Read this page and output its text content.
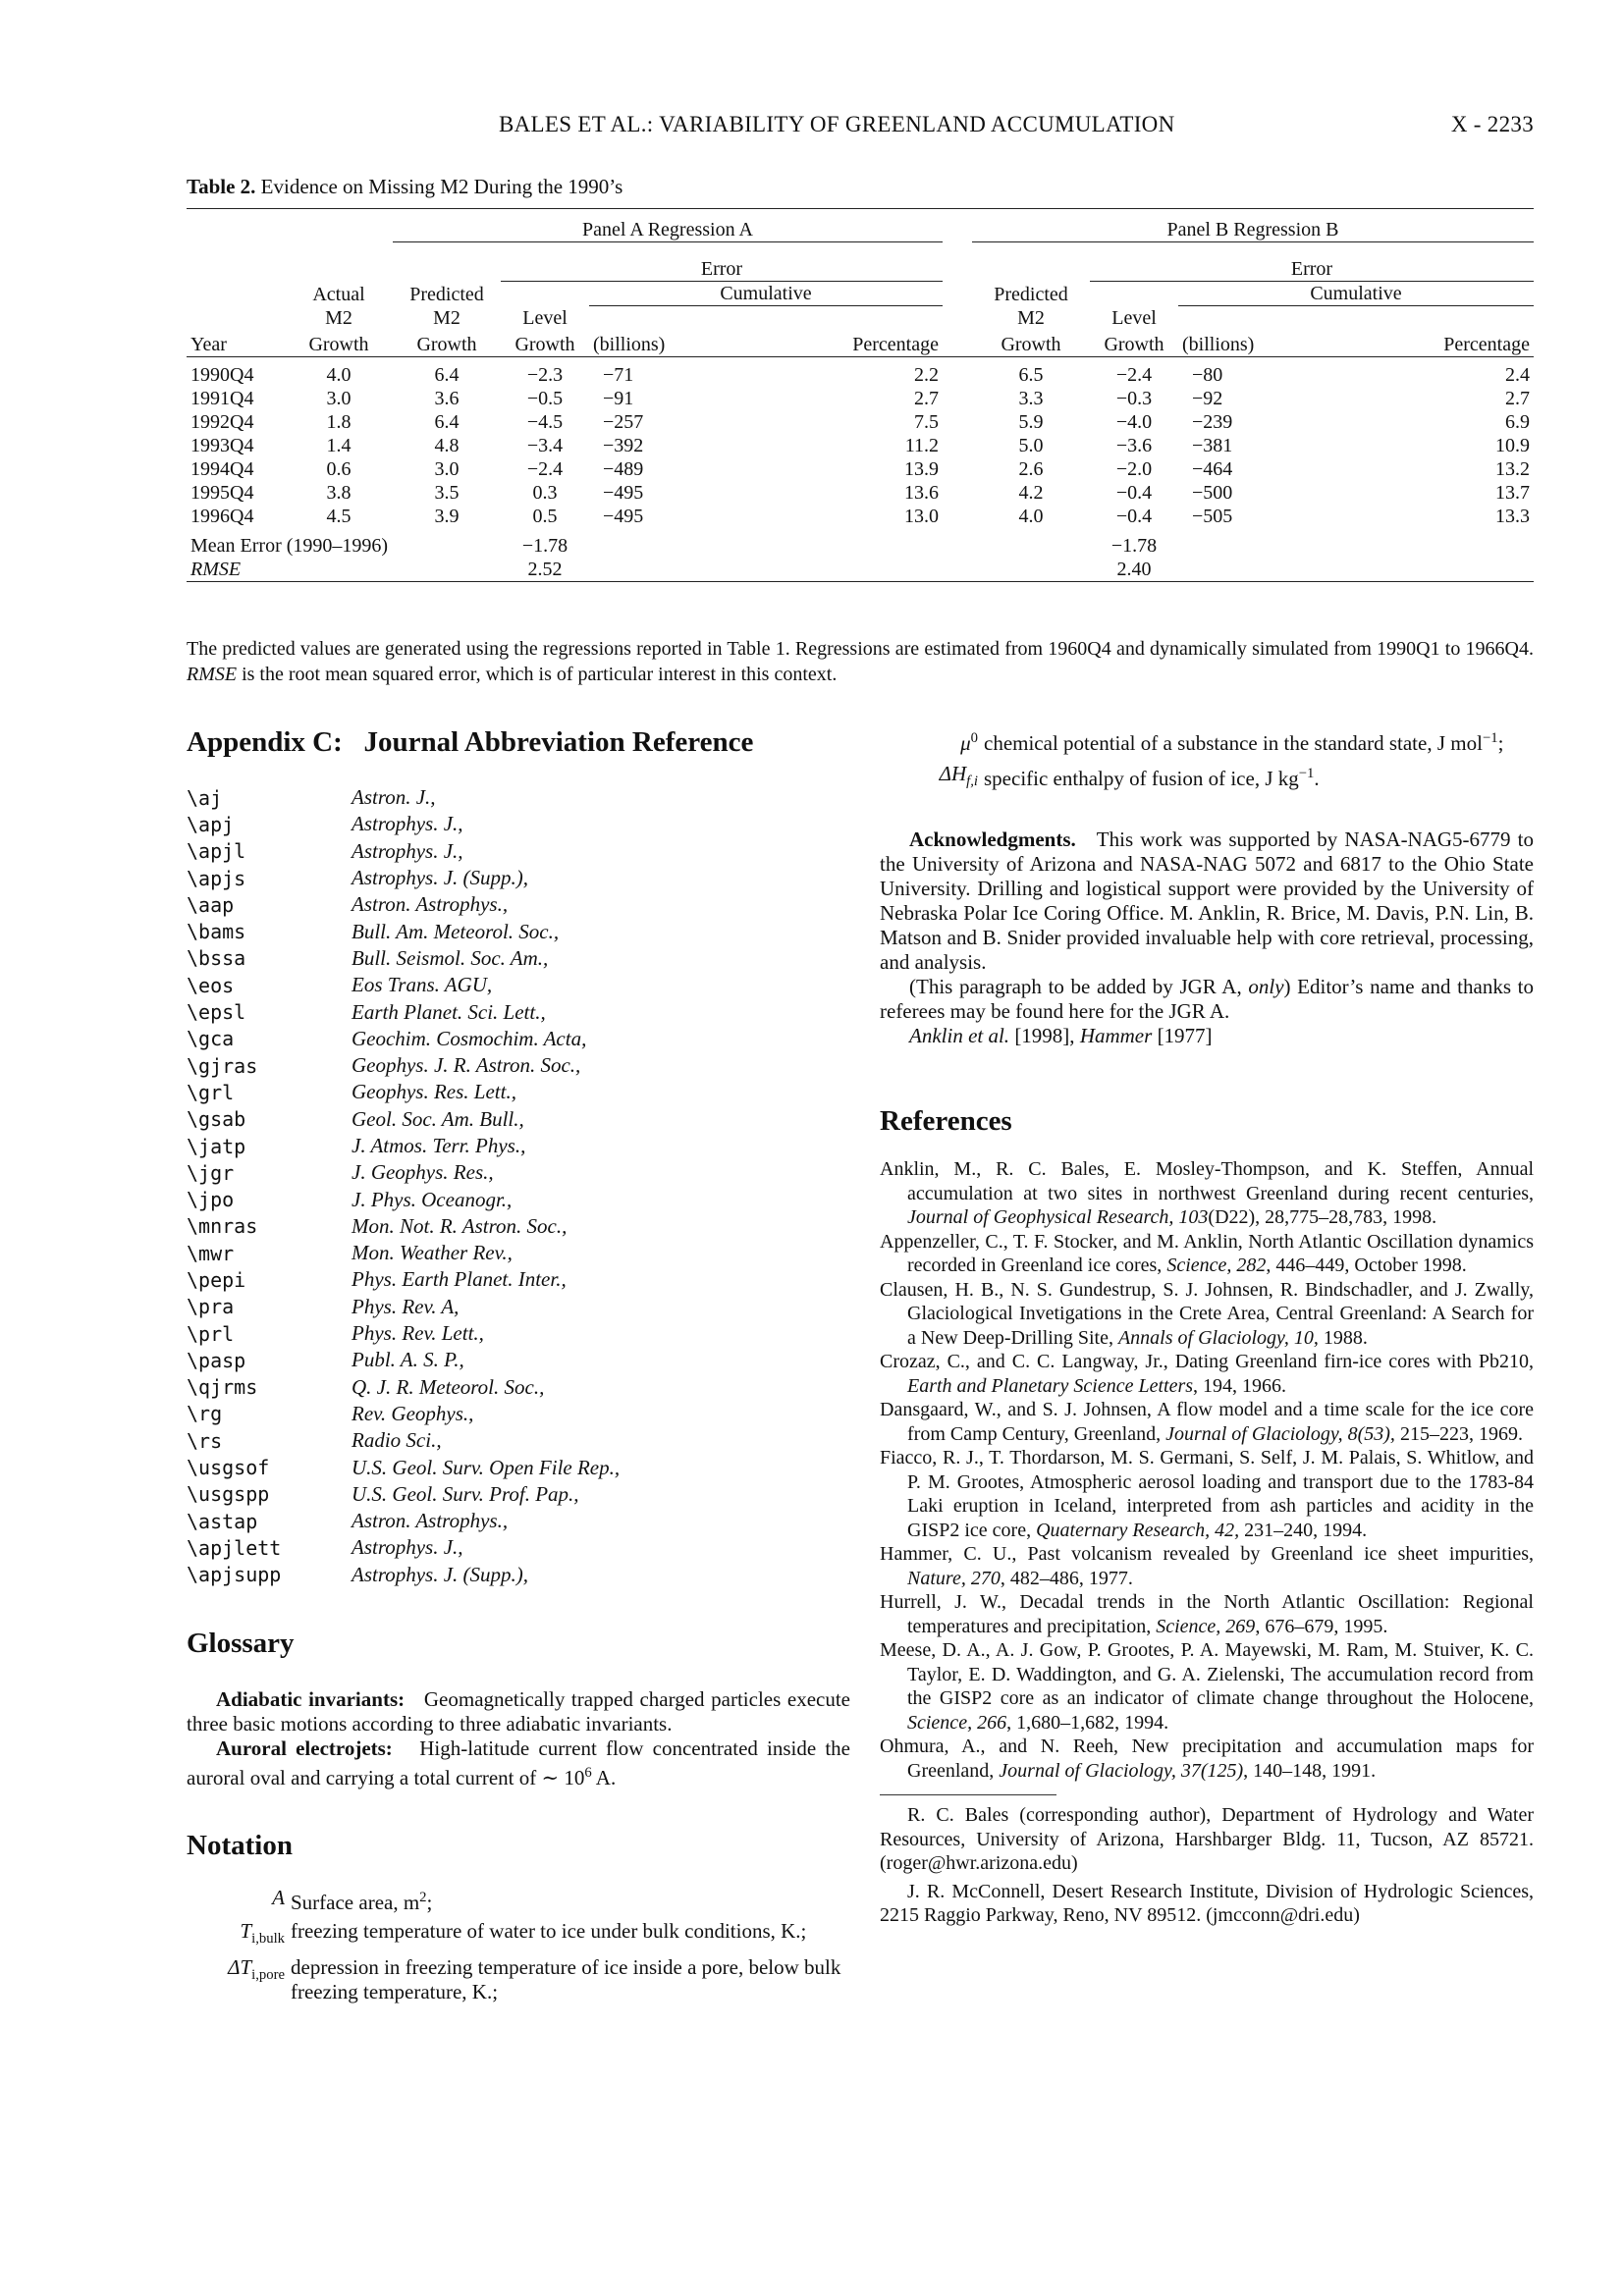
BALES ET AL.: VARIABILITY OF GREENLAND ACCUMULATION	X - 2233
Table 2. Evidence on Missing M2 During the 1990’s
		Panel A Regression A					Panel B Regression B			
			Error					Error		
	Actual	Predicted		Cumulative			Predicted		Cumulative	
	M2	M2	Level				M2	Level		
Year	Growth	Growth	Growth	(billions)	Percentage		Growth	Growth	(billions)	Percentage
1990Q4	4.0	6.4	−2.3	−71	2.2		6.5	−2.4	−80	2.4
1991Q4	3.0	3.6	−0.5	−91	2.7		3.3	−0.3	−92	2.7
1992Q4	1.8	6.4	−4.5	−257	7.5		5.9	−4.0	−239	6.9
1993Q4	1.4	4.8	−3.4	−392	11.2		5.0	−3.6	−381	10.9
1994Q4	0.6	3.0	−2.4	−489	13.9		2.6	−2.0	−464	13.2
1995Q4	3.8	3.5	0.3	−495	13.6		4.2	−0.4	−500	13.7
1996Q4	4.5	3.9	0.5	−495	13.0		4.0	−0.4	−505	13.3
Mean Error (1990–1996)			−1.78					−1.78		
RMSE			2.52					2.40		
The predicted values are generated using the regressions reported in Table 1. Regressions are estimated from 1960Q4 and dynamically simulated from 1990Q1 to 1966Q4. RMSE is the root mean squared error, which is of particular interest in this context.
Appendix C:   Journal Abbreviation Reference
\aj	Astron. J.,
\apj	Astrophys. J.,
\apjl	Astrophys. J.,
\apjs	Astrophys. J. (Supp.),
\aap	Astron. Astrophys.,
\bams	Bull. Am. Meteorol. Soc.,
\bssa	Bull. Seismol. Soc. Am.,
\eos	Eos Trans. AGU,
\epsl	Earth Planet. Sci. Lett.,
\gca	Geochim. Cosmochim. Acta,
\gjras	Geophys. J. R. Astron. Soc.,
\grl	Geophys. Res. Lett.,
\gsab	Geol. Soc. Am. Bull.,
\jatp	J. Atmos. Terr. Phys.,
\jgr	J. Geophys. Res.,
\jpo	J. Phys. Oceanogr.,
\mnras	Mon. Not. R. Astron. Soc.,
\mwr	Mon. Weather Rev.,
\pepi	Phys. Earth Planet. Inter.,
\pra	Phys. Rev. A,
\prl	Phys. Rev. Lett.,
\pasp	Publ. A. S. P.,
\qjrms	Q. J. R. Meteorol. Soc.,
\rg	Rev. Geophys.,
\rs	Radio Sci.,
\usgsof	U.S. Geol. Surv. Open File Rep.,
\usgspp	U.S. Geol. Surv. Prof. Pap.,
\astap	Astron. Astrophys.,
\apjlett	Astrophys. J.,
\apjsupp	Astrophys. J. (Supp.),
Glossary
Adiabatic invariants: Geomagnetically trapped charged particles execute three basic motions according to three adiabatic invariants.
Auroral electrojets: High-latitude current flow concentrated inside the auroral oval and carrying a total current of ∼ $10^6$ A.
Notation
A Surface area, $m^2$;
$T_{i,bulk}$ freezing temperature of water to ice under bulk conditions, K.;
$\Delta T_{i,pore}$ depression in freezing temperature of ice inside a pore, below bulk freezing temperature, K.;
$\mu^0$ chemical potential of a substance in the standard state, J mol$^{-1}$;
$\Delta H_{f,i}$ specific enthalpy of fusion of ice, J $kg^{-1}$.
Acknowledgments. This work was supported by NASA-NAG5-6779 to the University of Arizona and NASA-NAG 5072 and 6817 to the Ohio State University. Drilling and logistical support were provided by the University of Nebraska Polar Ice Coring Office. M. Anklin, R. Brice, M. Davis, P.N. Lin, B. Matson and B. Snider provided invaluable help with core retrieval, processing, and analysis.
(This paragraph to be added by JGR A, only) Editor’s name and thanks to referees may be found here for the JGR A.
Anklin et al. [1998], Hammer [1977]
References
Anklin, M., R. C. Bales, E. Mosley-Thompson, and K. Steffen, Annual accumulation at two sites in northwest Greenland during recent centuries, Journal of Geophysical Research, 103(D22), 28,775–28,783, 1998.
Appenzeller, C., T. F. Stocker, and M. Anklin, North Atlantic Oscillation dynamics recorded in Greenland ice cores, Science, 282, 446–449, October 1998.
Clausen, H. B., N. S. Gundestrup, S. J. Johnsen, R. Bindschadler, and J. Zwally, Glaciological Invetigations in the Crete Area, Central Greenland: A Search for a New Deep-Drilling Site, Annals of Glaciology, 10, 1988.
Crozaz, C., and C. C. Langway, Jr., Dating Greenland firn-ice cores with Pb210, Earth and Planetary Science Letters, 194, 1966.
Dansgaard, W., and S. J. Johnsen, A flow model and a time scale for the ice core from Camp Century, Greenland, Journal of Glaciology, 8(53), 215–223, 1969.
Fiacco, R. J., T. Thordarson, M. S. Germani, S. Self, J. M. Palais, S. Whitlow, and P. M. Grootes, Atmospheric aerosol loading and transport due to the 1783-84 Laki eruption in Iceland, interpreted from ash particles and acidity in the GISP2 ice core, Quaternary Research, 42, 231–240, 1994.
Hammer, C. U., Past volcanism revealed by Greenland ice sheet impurities, Nature, 270, 482–486, 1977.
Hurrell, J. W., Decadal trends in the North Atlantic Oscillation: Regional temperatures and precipitation, Science, 269, 676–679, 1995.
Meese, D. A., A. J. Gow, P. Grootes, P. A. Mayewski, M. Ram, M. Stuiver, K. C. Taylor, E. D. Waddington, and G. A. Zielenski, The accumulation record from the GISP2 core as an indicator of climate change throughout the Holocene, Science, 266, 1,680–1,682, 1994.
Ohmura, A., and N. Reeh, New precipitation and accumulation maps for Greenland, Journal of Glaciology, 37(125), 140–148, 1991.
R. C. Bales (corresponding author), Department of Hydrology and Water Resources, University of Arizona, Harshbarger Bldg. 11, Tucson, AZ 85721. (roger@hwr.arizona.edu)
J. R. McConnell, Desert Research Institute, Division of Hydrologic Sciences, 2215 Raggio Parkway, Reno, NV 89512. (jmcconn@dri.edu)
